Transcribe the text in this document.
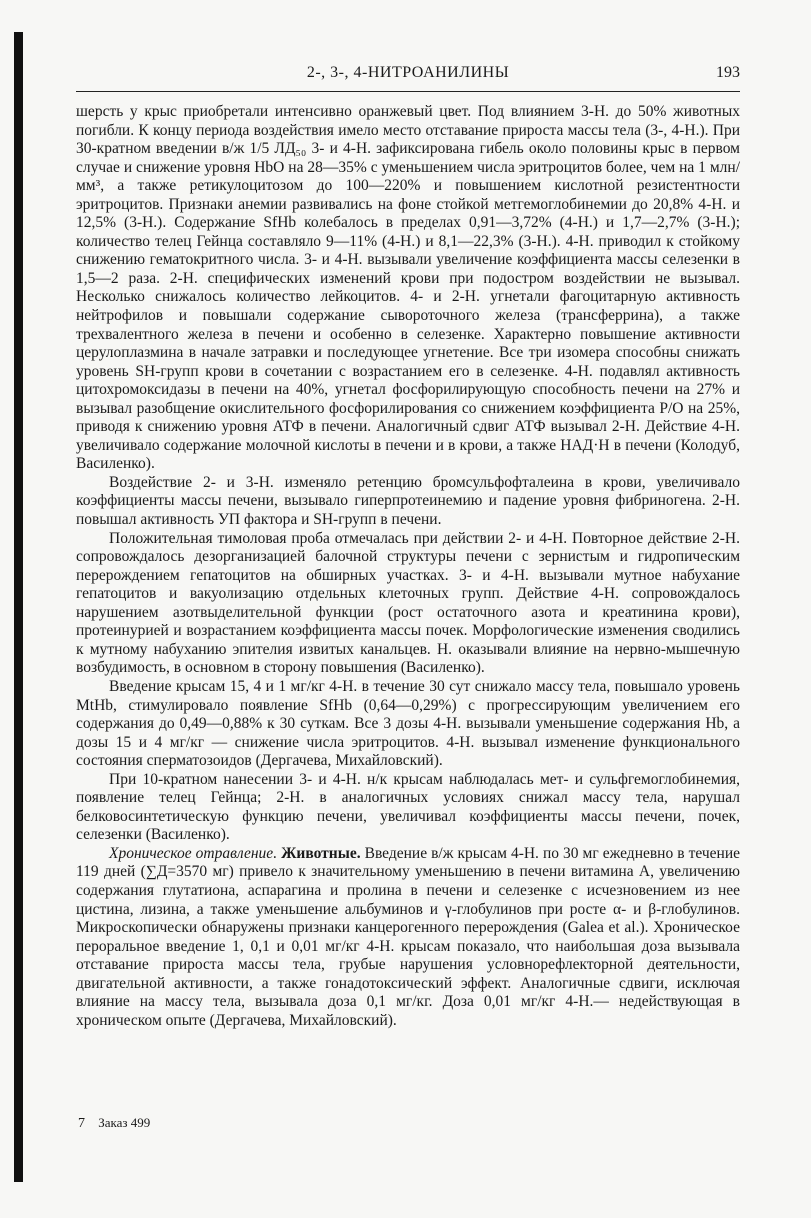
2-, 3-, 4-НИТРОАНИЛИНЫ	193

шерсть у крыс приобретали интенсивно оранжевый цвет. Под влиянием 3-Н. до 50% животных погибли. К концу периода воздействия имело место отставание прироста массы тела (3-, 4-Н.). При 30-кратном введении в/ж 1/5 ЛД₅₀ 3- и 4-Н. зафиксирована гибель около половины крыс в первом случае и снижение уровня HbO на 28—35% с уменьшением числа эритроцитов более, чем на 1 млн/мм³, а также ретикулоцитозом до 100—220% и повышением кислотной резистентности эритроцитов. Признаки анемии развивались на фоне стойкой метгемоглобинемии до 20,8% 4-Н. и 12,5% (3-Н.). Содержание SfHb колебалось в пределах 0,91—3,72% (4-Н.) и 1,7—2,7% (3-Н.); количество телец Гейнца составляло 9—11% (4-Н.) и 8,1—22,3% (3-Н.). 4-Н. приводил к стойкому снижению гематокритного числа. 3- и 4-Н. вызывали увеличение коэффициента массы селезенки в 1,5—2 раза. 2-Н. специфических изменений крови при подостром воздействии не вызывал. Несколько снижалось количество лейкоцитов. 4- и 2-Н. угнетали фагоцитарную активность нейтрофилов и повышали содержание сывороточного железа (трансферрина), а также трехвалентного железа в печени и особенно в селезенке. Характерно повышение активности церулоплазмина в начале затравки и последующее угнетение. Все три изомера способны снижать уровень SH-групп крови в сочетании с возрастанием его в селезенке. 4-Н. подавлял активность цитохромоксидазы в печени на 40%, угнетал фосфорилирующую способность печени на 27% и вызывал разобщение окислительного фосфорилирования со снижением коэффициента Р/О на 25%, приводя к снижению уровня АТФ в печени. Аналогичный сдвиг АТФ вызывал 2-Н. Действие 4-Н. увеличивало содержание молочной кислоты в печени и в крови, а также НАД·Н в печени (Колодуб, Василенко).

Воздействие 2- и 3-Н. изменяло ретенцию бромсульфофталеина в крови, увеличивало коэффициенты массы печени, вызывало гиперпротеинемию и падение уровня фибриногена. 2-Н. повышал активность УП фактора и SH-групп в печени.

Положительная тимоловая проба отмечалась при действии 2- и 4-Н. Повторное действие 2-Н. сопровождалось дезорганизацией балочной структуры печени с зернистым и гидропическим перерождением гепатоцитов на обширных участках. 3- и 4-Н. вызывали мутное набухание гепатоцитов и вакуолизацию отдельных клеточных групп. Действие 4-Н. сопровождалось нарушением азотвыделительной функции (рост остаточного азота и креатинина крови), протеинурией и возрастанием коэффициента массы почек. Морфологические изменения сводились к мутному набуханию эпителия извитых канальцев. Н. оказывали влияние на нервно-мышечную возбудимость, в основном в сторону повышения (Василенко).

Введение крысам 15, 4 и 1 мг/кг 4-Н. в течение 30 сут снижало массу тела, повышало уровень MtHb, стимулировало появление SfHb (0,64—0,29%) с прогрессирующим увеличением его содержания до 0,49—0,88% к 30 суткам. Все 3 дозы 4-Н. вызывали уменьшение содержания Hb, а дозы 15 и 4 мг/кг — снижение числа эритроцитов. 4-Н. вызывал изменение функционального состояния сперматозоидов (Дергачева, Михайловский).

При 10-кратном нанесении 3- и 4-Н. н/к крысам наблюдалась мет- и сульфгемоглобинемия, появление телец Гейнца; 2-Н. в аналогичных условиях снижал массу тела, нарушал белковосинтетическую функцию печени, увеличивал коэффициенты массы печени, почек, селезенки (Василенко).

Хроническое отравление. Животные. Введение в/ж крысам 4-Н. по 30 мг ежедневно в течение 119 дней (∑Д=3570 мг) привело к значительному уменьшению в печени витамина А, увеличению содержания глутатиона, аспарагина и пролина в печени и селезенке с исчезновением из нее цистина, лизина, а также уменьшение альбуминов и γ-глобулинов при росте α- и β-глобулинов. Микроскопически обнаружены признаки канцерогенного перерождения (Galea et al.). Хроническое пероральное введение 1, 0,1 и 0,01 мг/кг 4-Н. крысам показало, что наибольшая доза вызывала отставание прироста массы тела, грубые нарушения условнорефлекторной деятельности, двигательной активности, а также гонадотоксический эффект. Аналогичные сдвиги, исключая влияние на массу тела, вызывала доза 0,1 мг/кг. Доза 0,01 мг/кг 4-Н.— недействующая в хроническом опыте (Дергачева, Михайловский).

7 Заказ 499
